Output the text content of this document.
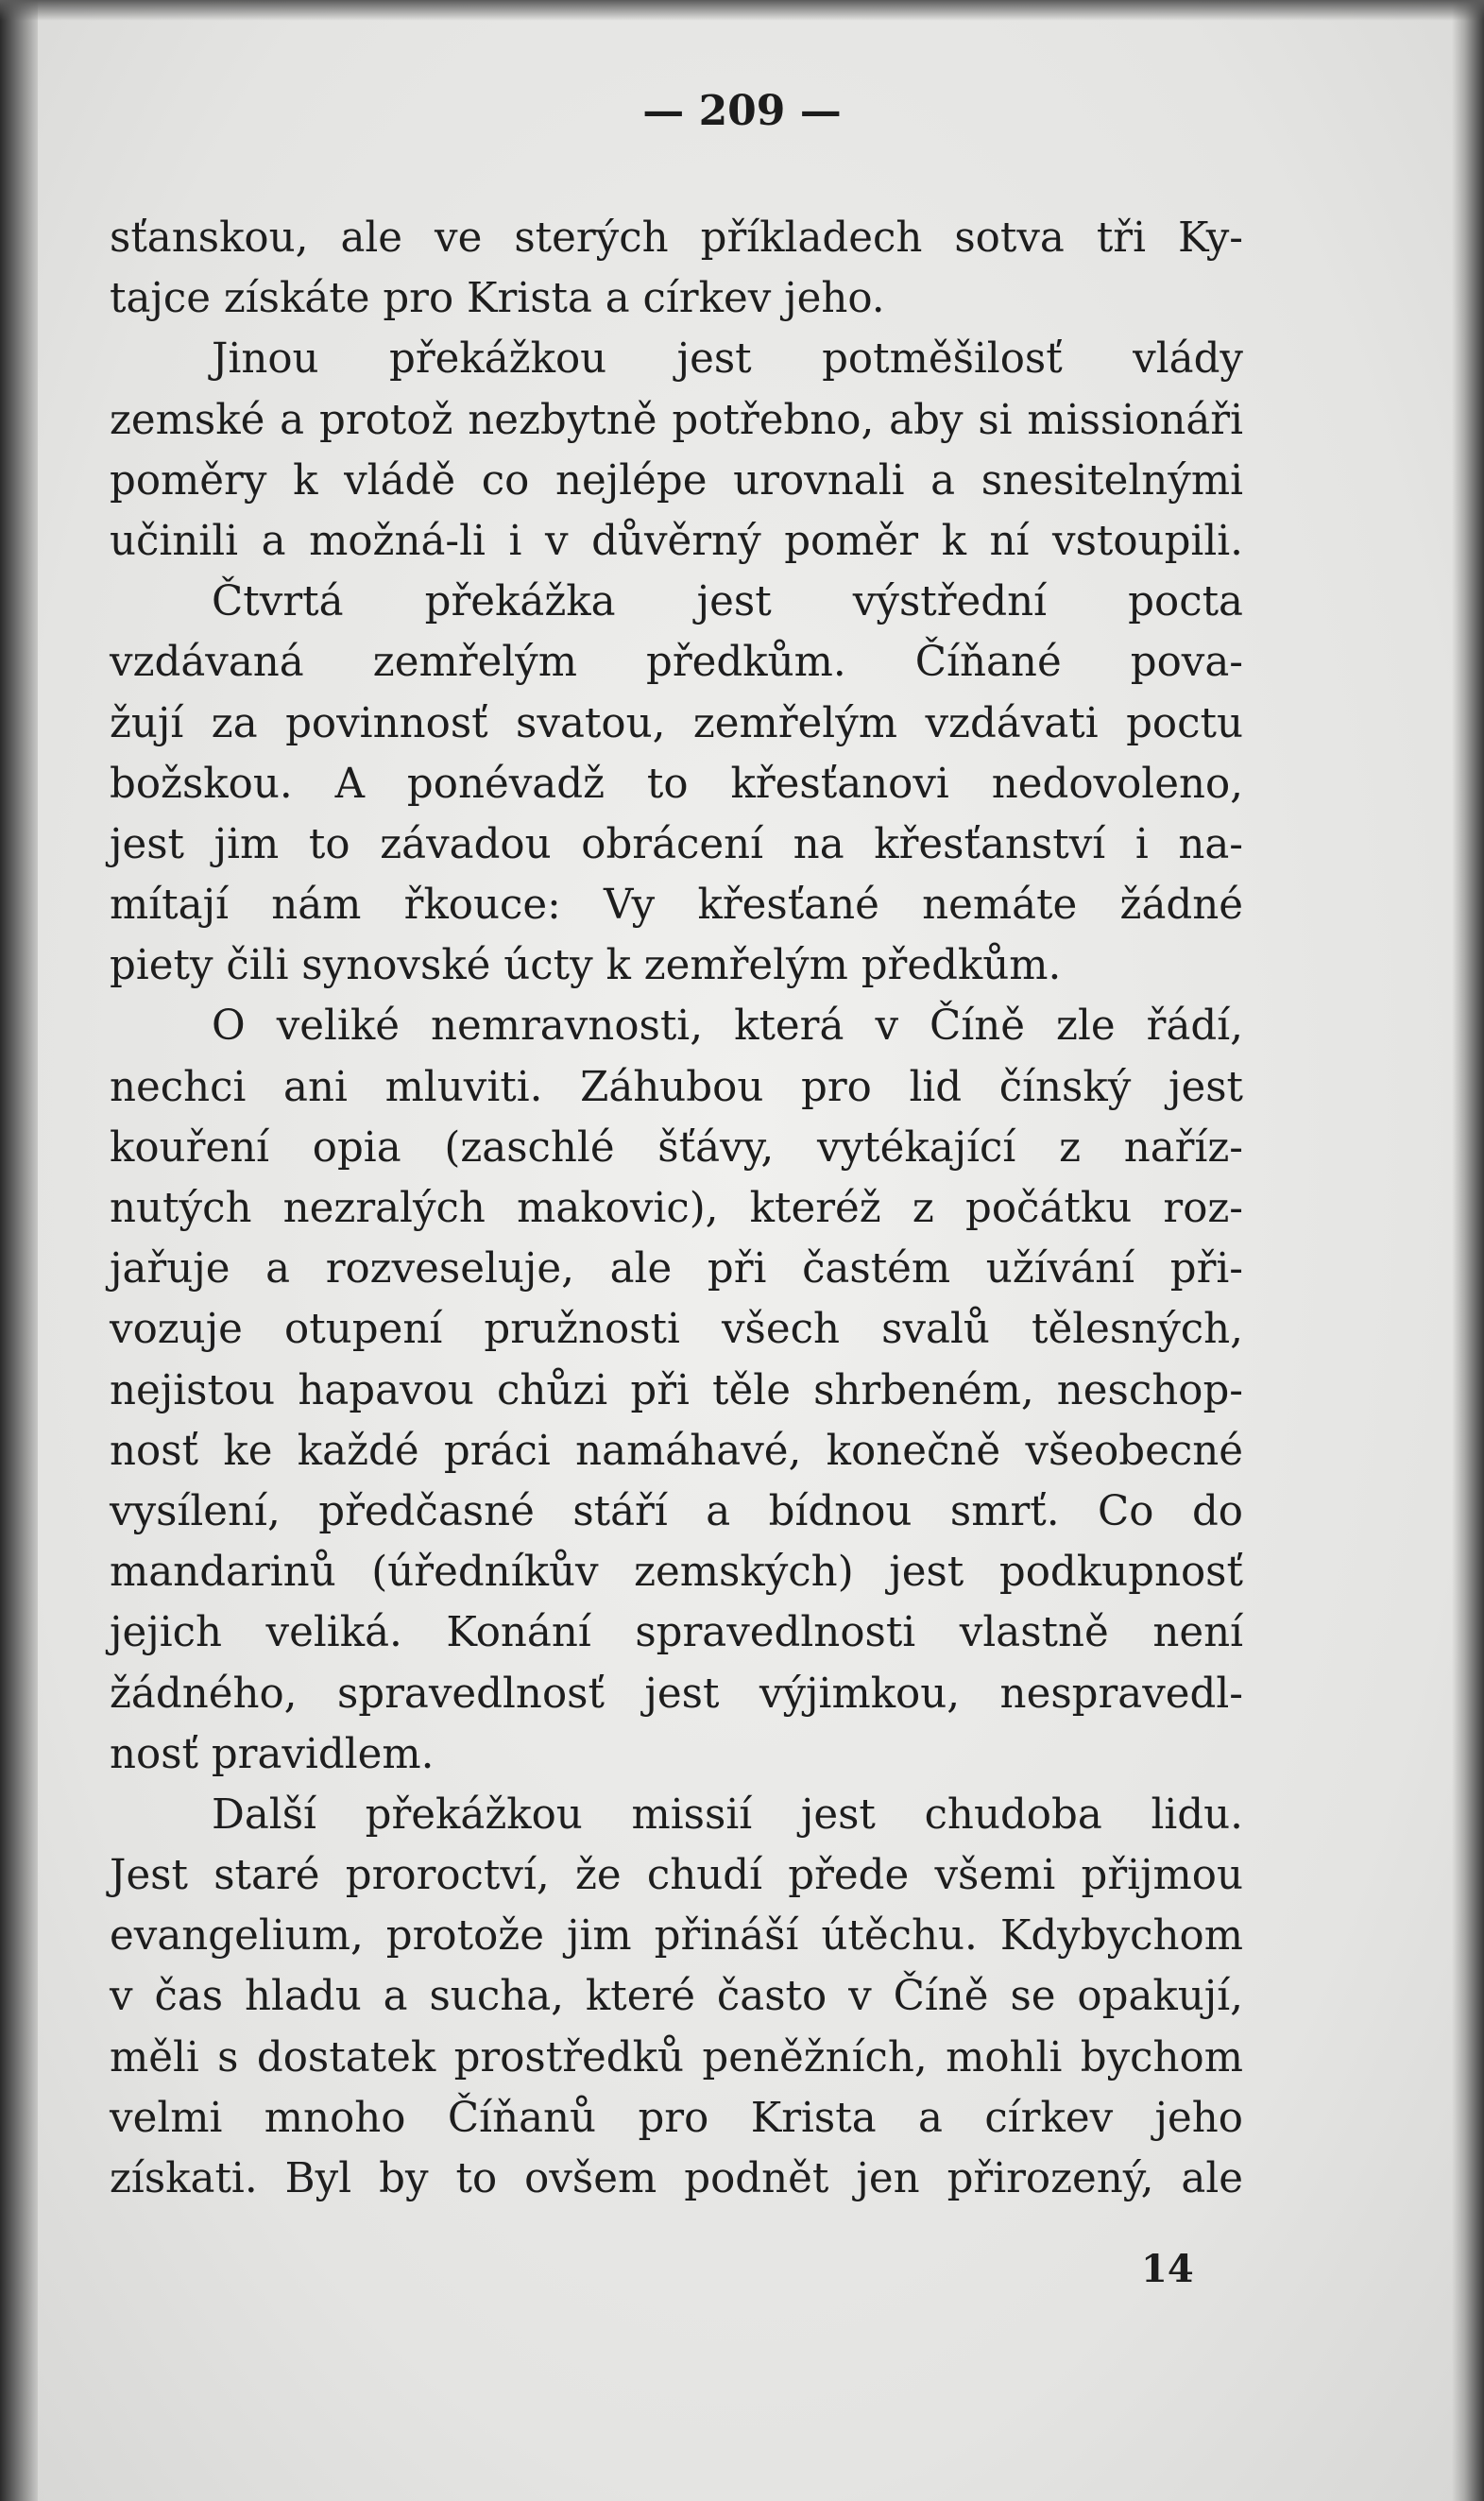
— 209 —
sťanskou, ale ve sterých příkladech sotva tři Ky-
tajce získáte pro Krista a církev jeho.
Jinou překážkou jest potměšilosť vlády
zemské a protož nezbytně potřebno, aby si missionáři
poměry k vládě co nejlépe urovnali a snesitelnými
učinili a možná-li i v důvěrný poměr k ní vstoupili.
Čtvrtá překážka jest výstřední pocta
vzdávaná zemřelým předkům. Číňané pova-
žují za povinnosť svatou, zemřelým vzdávati poctu
božskou. A ponévadž to křesťanovi nedovoleno,
jest jim to závadou obrácení na křesťanství i na-
mítají nám řkouce: Vy křesťané nemáte žádné
piety čili synovské úcty k zemřelým předkům.
O veliké nemravnosti, která v Číně zle řádí,
nechci ani mluviti. Záhubou pro lid čínský jest
kouření opia (zaschlé šťávy, vytékající z naříz-
nutých nezralých makovic), kteréž z počátku roz-
jařuje a rozveseluje, ale při častém užívání při-
vozuje otupení pružnosti všech svalů tělesných,
nejistou hapavou chůzi při těle shrbeném, neschop-
nosť ke každé práci namáhavé, konečně všeobecné
vysílení, předčasné stáří a bídnou smrť. Co do
mandarinů (úředníkův zemských) jest podkupnosť
jejich veliká. Konání spravedlnosti vlastně není
žádného, spravedlnosť jest výjimkou, nespravedl-
nosť pravidlem.
Další překážkou missií jest chudoba lidu.
Jest staré proroctví, že chudí přede všemi přijmou
evangelium, protože jim přináší útěchu. Kdybychom
v čas hladu a sucha, které často v Číně se opakují,
měli s dostatek prostředků peněžních, mohli bychom
velmi mnoho Číňanů pro Krista a církev jeho
získati. Byl by to ovšem podnět jen přirozený, ale
14
